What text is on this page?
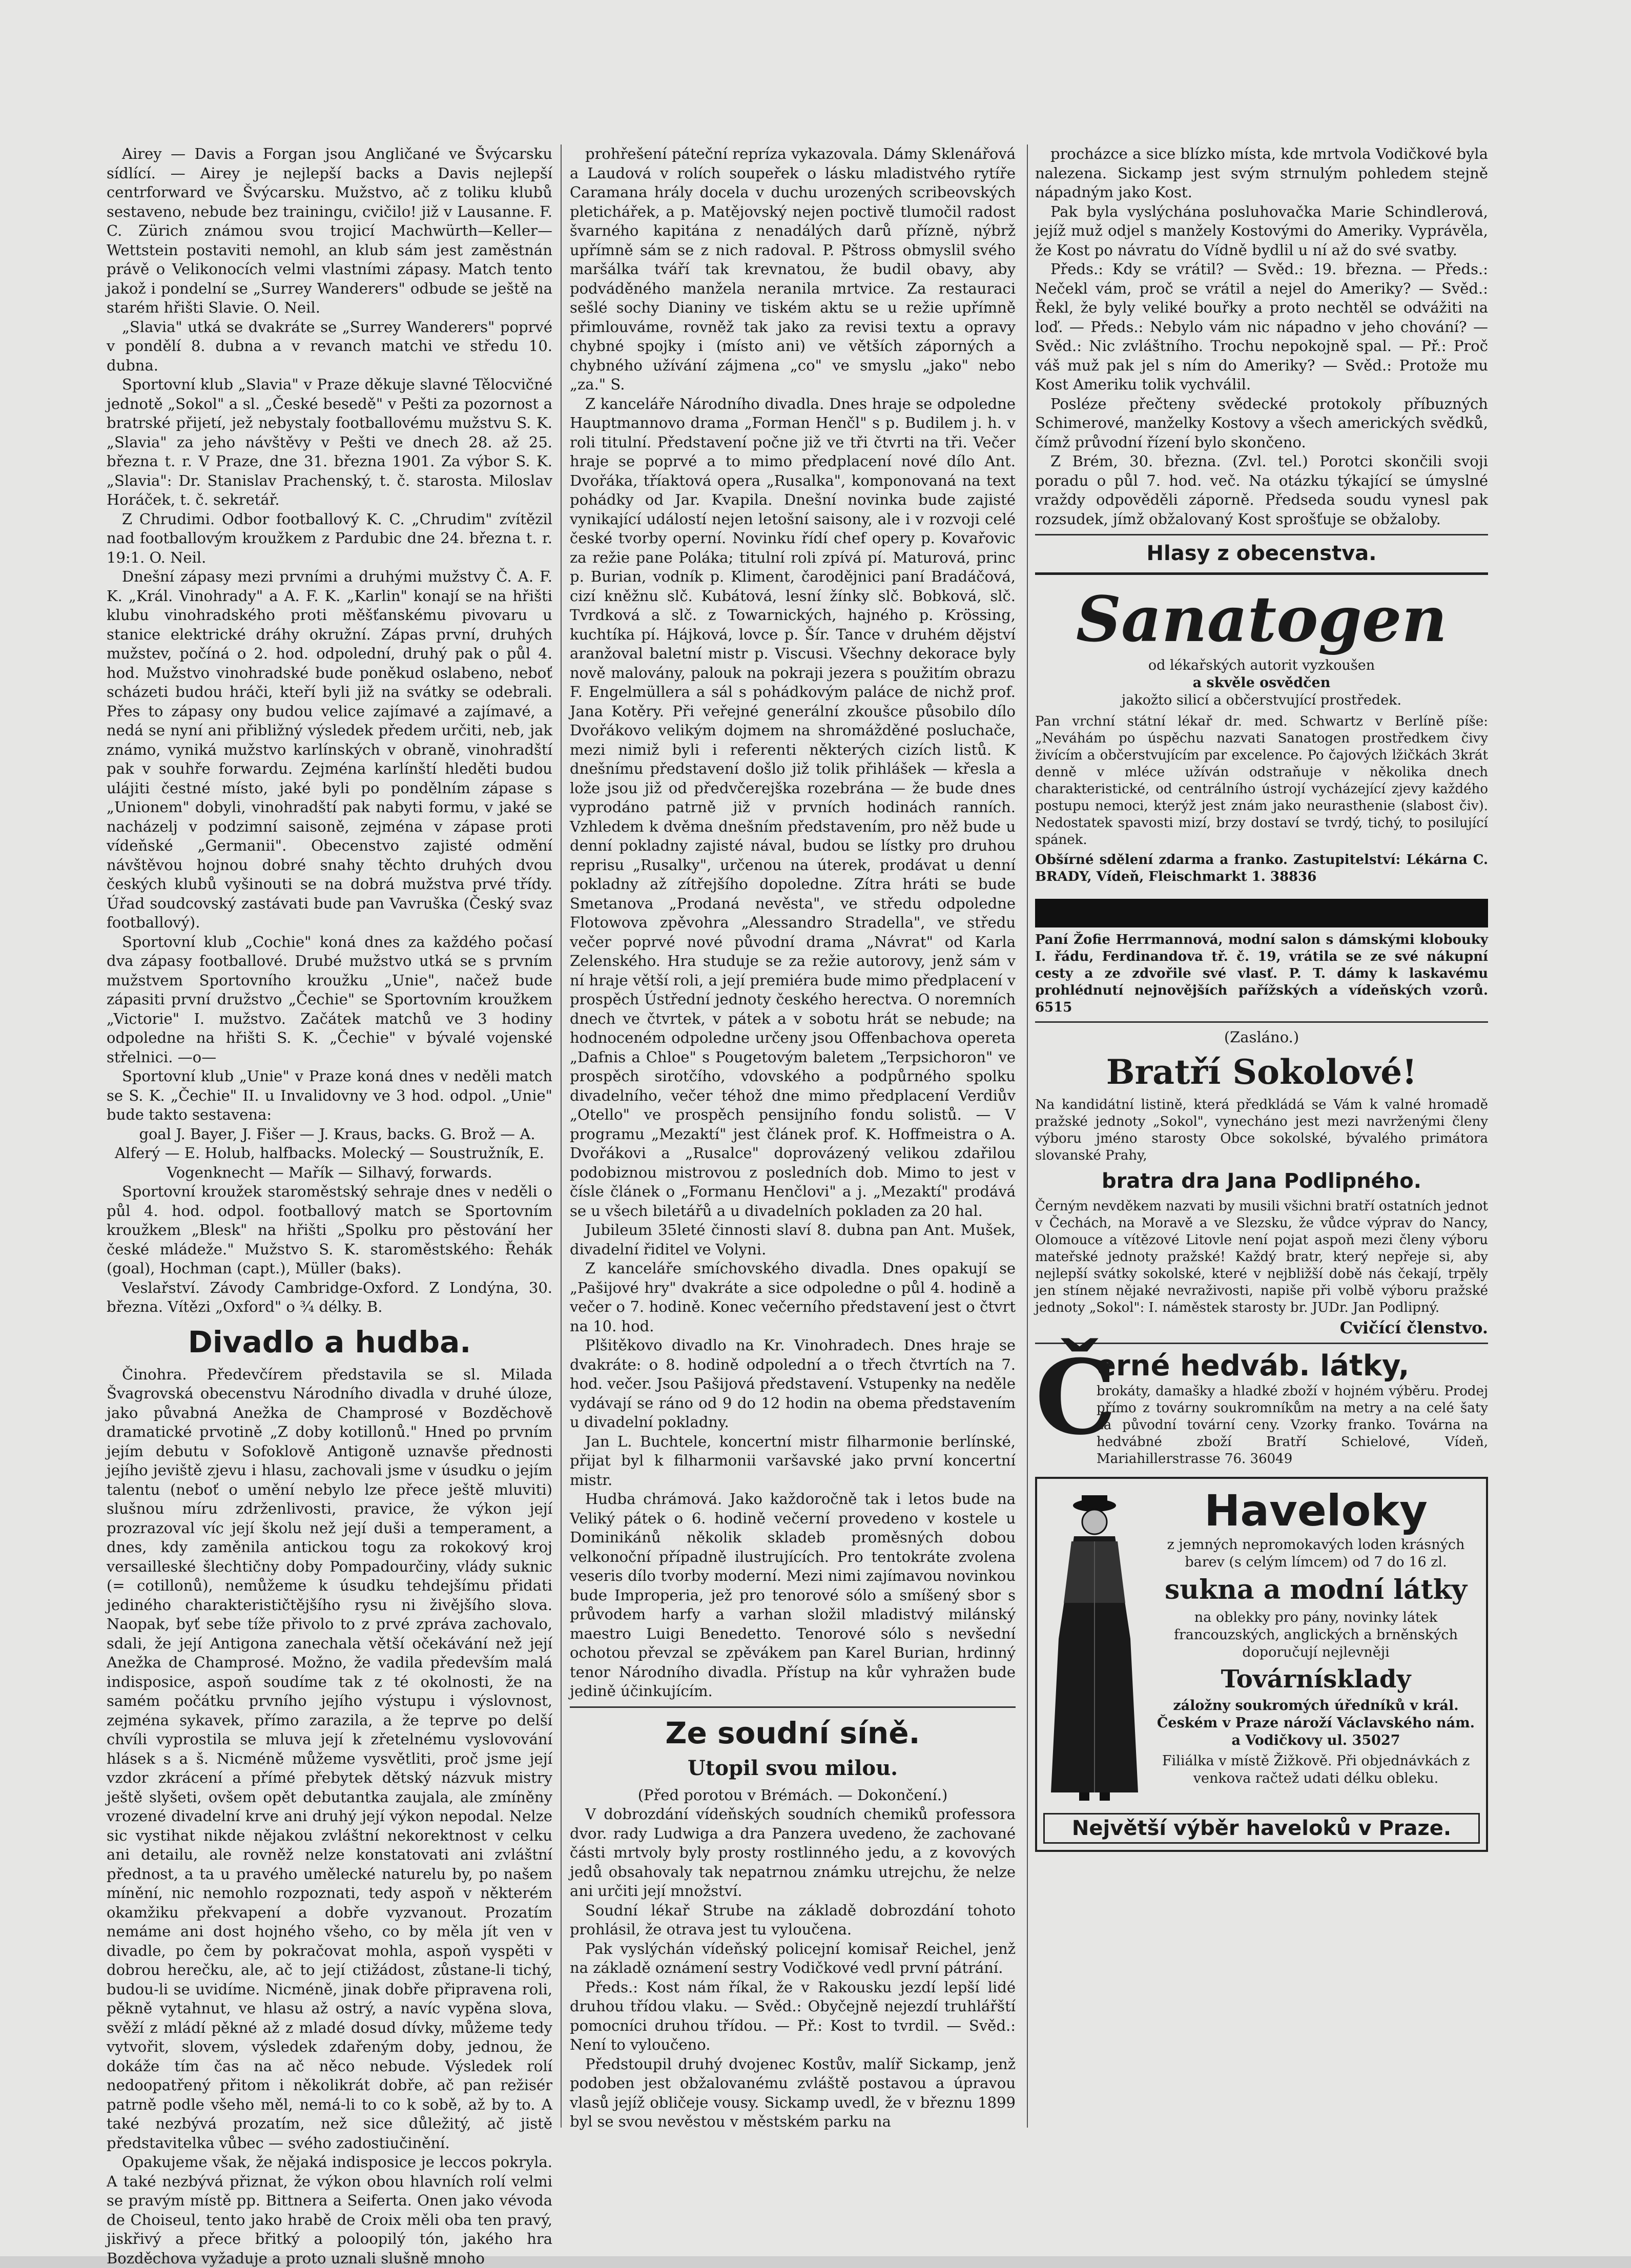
Airey — Davis a Forgan jsou Angličané ve Švýcarsku sídlící. — Airey je nejlepší backs a Davis nejlepší centrforward ve Švýcarsku. Mužstvo, ač z toliku klubů sestaveno, nebude bez trainingu, cvičilo! již v Lausanne. F. C. Zürich známou svou trojicí Machwürth—Keller—Wettstein postaviti nemohl, an klub sám jest zaměstnán právě o Velikonocích velmi vlastními zápasy. Match tento jakož i pondelní se „Surrey Wanderers" odbude se ještě na starém hřišti Slavie. O. Neil.

„Slavia" utká se dvakráte se „Surrey Wanderers" poprvé v pondělí 8. dubna a v revanch matchi ve středu 10. dubna.

Sportovní klub „Slavia" v Praze děkuje slavné Tělocvičné jednotě „Sokol" a sl. „České besedě" v Pešti za pozornost a bratrské přijetí, jež nebystaly footballovému mužstvu S. K. „Slavia" za jeho návštěvy v Pešti ve dnech 28. až 25. března t. r. V Praze, dne 31. března 1901. Za výbor S. K. „Slavia": Dr. Stanislav Prachenský, t. č. starosta. Miloslav Horáček, t. č. sekretář.

Z Chrudimi. Odbor footballový K. C. „Chrudim" zvítězil nad footballovým kroužkem z Pardubic dne 24. března t. r. 19:1. O. Neil.

Dnešní zápasy mezi prvními a druhými mužstvy Č. A. F. K. „Král. Vinohrady" a A. F. K. „Karlin" konají se na hřišti klubu vinohradského proti měšťanskému pivovaru u stanice elektrické dráhy okružní. Zápas první, druhých mužstev, počíná o 2. hod. odpolední, druhý pak o půl 4. hod. Mužstvo vinohradské bude poněkud oslabeno, neboť scházeti budou hráči, kteří byli již na svátky se odebrali. Přes to zápasy ony budou velice zajímavé a zajímavé, a nedá se nyní ani přibližný výsledek předem určiti, neb, jak známo, vyniká mužstvo karlínských v obraně, vinohradští pak v souhře forwardu. Zejména karlínští hleděti budou ulájiti čestné místo, jaké byli po pondělním zápase s „Unionem" dobyli, vinohradští pak nabyti formu, v jaké se nacházelj v podzimní saisoně, zejména v zápase proti vídeňské „Germanii". Obecenstvo zajisté odmění návštěvou hojnou dobré snahy těchto druhých dvou českých klubů vyšinouti se na dobrá mužstva prvé třídy. Úřad soudcovský zastávati bude pan Vavruška (Český svaz footballový).

Sportovní klub „Cochie" koná dnes za každého počasí dva zápasy footballové. Drubé mužstvo utká se s prvním mužstvem Sportovního kroužku „Unie", načež bude zápasiti první družstvo „Čechie" se Sportovním kroužkem „Victorie" I. mužstvo. Začátek matchů ve 3 hodiny odpoledne na hřišti S. K. „Čechie" v bývalé vojenské střelnici. —o—

Sportovní klub „Unie" v Praze koná dnes v neděli match se S. K. „Čechie" II. u Invalidovny ve 3 hod. odpol. „Unie" bude takto sestavena:

goal J. Bayer, J. Fišer — J. Kraus, backs. G. Brož — A. Alferý — E. Holub, halfbacks. Molecký — Soustružník, E. Vogenknecht — Mařík — Silhavý, forwards.

Sportovní kroužek staroměstský sehraje dnes v neděli o půl 4. hod. odpol. footballový match se Sportovním kroužkem „Blesk" na hřišti „Spolku pro pěstování her české mládeže." Mužstvo S. K. staroměstského: Řehák (goal), Hochman (capt.), Müller (baks).

Veslařství. Závody Cambridge-Oxford. Z Londýna, 30. března. Vítězi „Oxford" o ¾ délky. B.

Divadlo a hudba.

Činohra. Předevčírem představila se sl. Milada Švagrovská obecenstvu Národního divadla v druhé úloze, jako půvabná Anežka de Champrosé v Bozděchově dramatické prvotině „Z doby kotillonů." Hned po prvním jejím debutu v Sofoklově Antigoně uznavše přednosti jejího jeviště zjevu i hlasu, zachovali jsme v úsudku o jejím talentu (neboť o umění nebylo lze přece ještě mluviti) slušnou míru zdrženlivosti, pravice, že výkon její prozrazoval víc její školu než její duši a temperament, a dnes, kdy zaměnila antickou togu za rokokový kroj versailleské šlechtičny doby Pompadourčiny, vlády suknic (= cotillonů), nemůžeme k úsudku tehdejšímu přidati jediného charakterističtějšího rysu ni živějšího slova. Naopak, byť sebe tíže přivolo to z prvé zpráva zachovalo, sdali, že její Antigona zanechala větší očekávání než její Anežka de Champrosé. Možno, že vadila především malá indisposice, aspoň soudíme tak z té okolnosti, že na samém počátku prvního jejího výstupu i výslovnost, zejména sykavek, přímo zarazila, a že teprve po delší chvíli vyprostila se mluva její k zřetelnému vyslovování hlásek s a š. Nicméně můžeme vysvětliti, proč jsme její vzdor zkrácení a přímé přebytek dětský názvuk mistry ještě slyšeti, ovšem opět debutantka zaujala, ale zmíněny vrozené divadelní krve ani druhý její výkon nepodal. Nelze sic vystihat nikde nějakou zvláštní nekorektnost v celku ani detailu, ale rovněž nelze konstatovati ani zvláštní přednost, a ta u pravého umělecké naturelu by, po našem mínění, nic nemohlo rozpoznati, tedy aspoň v některém okamžiku překvapení a dobře vyzvanout. Prozatím nemáme ani dost hojného všeho, co by měla jít ven v divadle, po čem by pokračovat mohla, aspoň vyspěti v dobrou herečku, ale, ač to její ctižádost, zůstane-li tichý, budou-li se uvidíme. Nicméně, jinak dobře připravena roli, pěkně vytahnut, ve hlasu až ostrý, a navíc vypěna slova, svěží z mládí pěkné až z mladé dosud dívky, můžeme tedy vytvořit, slovem, výsledek zdařeným doby, jednou, že dokáže tím čas na ač něco nebude. Výsledek rolí nedoopatřený přitom i několikrát dobře, ač pan režisér patrně podle všeho měl, nemá-li to co k sobě, až by to. A také nezbývá prozatím, než sice důležitý, ač jistě představitelka vůbec — svého zadostiučinění.

Opakujeme však, že nějaká indisposice je leccos pokryla. A také nezbývá přiznat, že výkon obou hlavních rolí velmi se pravým místě pp. Bittnera a Seiferta. Onen jako vévoda de Choiseul, tento jako hrabě de Croix měli oba ten pravý, jiskřivý a přece břitký a poloopilý tón, jakého hra Bozděchova vyžaduje a proto uznali slušně mnoho

prohřešení páteční repríza vykazovala. Dámy Sklenářová a Laudová v rolích soupeřek o lásku mladistvého rytíře Caramana hrály docela v duchu urozených scribeovských pletichářek, a p. Matějovský nejen poctivě tlumočil radost švarného kapitána z nenadálých darů přízně, nýbrž upřímně sám se z nich radoval. P. Pštross obmyslil svého maršálka tváří tak krevnatou, že budil obavy, aby podváděného manžela neranila mrtvice. Za restauraci sešlé sochy Dianiny ve tiském aktu se u režie upřímně přimlouváme, rovněž tak jako za revisi textu a opravy chybné spojky i (místo ani) ve větších záporných a chybného užívání zájmena „co" ve smyslu „jako" nebo „za." S.

Z kanceláře Národního divadla. Dnes hraje se odpoledne Hauptmannovo drama „Forman Henčl" s p. Budilem j. h. v roli titulní. Představení počne již ve tři čtvrti na tři. Večer hraje se poprvé a to mimo předplacení nové dílo Ant. Dvořáka, tříaktová opera „Rusalka", komponovaná na text pohádky od Jar. Kvapila. Dnešní novinka bude zajisté vynikající událostí nejen letošní saisony, ale i v rozvoji celé české tvorby operní. Novinku řídí chef opery p. Kovařovic za režie pane Poláka; titulní roli zpívá pí. Maturová, princ p. Burian, vodník p. Kliment, čarodějnici paní Bradáčová, cizí kněžnu slč. Kubátová, lesní žínky slč. Bobková, slč. Tvrdková a slč. z Towarnických, hajného p. Krössing, kuchtíka pí. Hájková, lovce p. Šír. Tance v druhém dějství aranžoval baletní mistr p. Viscusi. Všechny dekorace byly nově malovány, palouk na pokraji jezera s použitím obrazu F. Engelmüllera a sál s pohádkovým paláce de nichž prof. Jana Kotěry. Při veřejné generální zkoušce působilo dílo Dvořákovo velikým dojmem na shromážděné posluchače, mezi nimiž byli i referenti některých cizích listů. K dnešnímu představení došlo již tolik přihlášek — křesla a lože jsou již od předvčerejška rozebrána — že bude dnes vyprodáno patrně již v prvních hodinách ranních. Vzhledem k dvěma dnešním představením, pro něž bude u denní pokladny zajisté nával, budou se lístky pro druhou reprisu „Rusalky", určenou na úterek, prodávat u denní pokladny až zítřejšího dopoledne. Zítra hráti se bude Smetanova „Prodaná nevěsta", ve středu odpoledne Flotowova zpěvohra „Alessandro Stradella", ve středu večer poprvé nové původní drama „Návrat" od Karla Zelenského. Hra studuje se za režie autorovy, jenž sám v ní hraje větší roli, a její premiéra bude mimo předplacení v prospěch Ústřední jednoty českého herectva. O noremních dnech ve čtvrtek, v pátek a v sobotu hrát se nebude; na hodnoceném odpoledne určeny jsou Offenbachova opereta „Dafnis a Chloe" s Pougetovým baletem „Terpsichoron" ve prospěch sirotčího, vdovského a podpůrného spolku divadelního, večer téhož dne mimo předplacení Verdiův „Otello" ve prospěch pensijního fondu solistů. — V programu „Mezaktí" jest článek prof. K. Hoffmeistra o A. Dvořákovi a „Rusalce" doprovázený velikou zdařilou podobiznou mistrovou z posledních dob. Mimo to jest v čísle článek o „Formanu Henčlovi" a j. „Mezaktí" prodává se u všech biletářů a u divadelních pokladen za 20 hal.

Jubileum 35leté činnosti slaví 8. dubna pan Ant. Mušek, divadelní řiditel ve Volyni.

Z kanceláře smíchovského divadla. Dnes opakují se „Pašijové hry" dvakráte a sice odpoledne o půl 4. hodině a večer o 7. hodině. Konec večerního představení jest o čtvrt na 10. hod.

Plšitěkovo divadlo na Kr. Vinohradech. Dnes hraje se dvakráte: o 8. hodině odpolední a o třech čtvrtích na 7. hod. večer. Jsou Pašijová představení. Vstupenky na neděle vydávají se ráno od 9 do 12 hodin na obema představením u divadelní pokladny.

Jan L. Buchtele, koncertní mistr filharmonie berlínské, přijat byl k filharmonii varšavské jako první koncertní mistr.

Hudba chrámová. Jako každoročně tak i letos bude na Veliký pátek o 6. hodině večerní provedeno v kostele u Dominikánů několik skladeb proměsných dobou velkonoční případně ilustrujících. Pro tentokráte zvolena veseris dílo tvorby moderní. Mezi nimi zajímavou novinkou bude Improperia, jež pro tenorové sólo a smíšený sbor s průvodem harfy a varhan složil mladistvý milánský maestro Luigi Benedetto. Tenorové sólo s nevšední ochotou převzal se zpěvákem pan Karel Burian, hrdinný tenor Národního divadla. Přístup na kůr vyhražen bude jedině účinkujícím.

Ze soudní síně.
Utopil svou milou.

(Před porotou v Brémách. — Dokončení.)

V dobrozdání vídeňských soudních chemiků professora dvor. rady Ludwiga a dra Panzera uvedeno, že zachované části mrtvoly byly prosty rostlinného jedu, a z kovových jedů obsahovaly tak nepatrnou známku utrejchu, že nelze ani určiti její množství.

Soudní lékař Strube na základě dobrozdání tohoto prohlásil, že otrava jest tu vyloučena.

Pak vyslýchán vídeňský policejní komisař Reichel, jenž na základě oznámení sestry Vodičkové vedl první pátrání.

Předs.: Kost nám říkal, že v Rakousku jezdí lepší lidé druhou třídou vlaku. — Svěd.: Obyčejně nejezdí truhlářští pomocníci druhou třídou. — Př.: Kost to tvrdil. — Svěd.: Není to vyloučeno.

Předstoupil druhý dvojenec Kostův, malíř Sickamp, jenž podoben jest obžalovanému zvláště postavou a úpravou vlasů jejíž obličeje vousy. Sickamp uvedl, že v březnu 1899 byl se svou nevěstou v městském parku na

procházce a sice blízko místa, kde mrtvola Vodičkové byla nalezena. Sickamp jest svým strnulým pohledem stejně nápadným jako Kost.

Pak byla vyslýchána posluhovačka Marie Schindlerová, jejíž muž odjel s manžely Kostovými do Ameriky. Vyprávěla, že Kost po návratu do Vídně bydlil u ní až do své svatby.

Předs.: Kdy se vrátil? — Svěd.: 19. března. — Předs.: Nečekl vám, proč se vrátil a nejel do Ameriky? — Svěd.: Řekl, že byly veliké bouřky a proto nechtěl se odvážiti na loď. — Předs.: Nebylo vám nic nápadno v jeho chování? — Svěd.: Nic zvláštního. Trochu nepokojně spal. — Př.: Proč váš muž pak jel s ním do Ameriky? — Svěd.: Protože mu Kost Ameriku tolik vychválil.

Posléze přečteny svědecké protokoly příbuzných Schimerové, manželky Kostovy a všech amerických svědků, čímž průvodní řízení bylo skončeno.

Z Brém, 30. března. (Zvl. tel.) Porotci skončili svoji poradu o půl 7. hod. več. Na otázku týkající se úmyslné vraždy odpověděli záporně. Předseda soudu vynesl pak rozsudek, jímž obžalovaný Kost sprošťuje se obžaloby.

Hlasy z obecenstva.
Sanatogen

od lékařských autorit vyzkoušen

a skvěle osvědčen

jakožto silicí a občerstvující prostředek.

Pan vrchní státní lékař dr. med. Schwartz v Berlíně píše: „Neváhám po úspěchu nazvati Sanatogen prostředkem čivy živícím a občerstvujícím par excelence. Po čajových lžičkách 3krát denně v mléce užíván odstraňuje v několika dnech charakteristické, od centrálního ústrojí vycházející zjevy každého postupu nemoci, kterýž jest znám jako neurasthenie (slabost čiv). Nedostatek spavosti mizí, brzy dostaví se tvrdý, tichý, to posilující spánek.

Obšírné sdělení zdarma a franko. Zastupitelství: Lékárna C. BRADY, Vídeň, Fleischmarkt 1. 38836

Paní Žofie Herrmannová, modní salon s dámskými klobouky I. řádu, Ferdinandova tř. č. 19, vrátila se ze své nákupní cesty a ze zdvořile své vlasť. P. T. dámy k laskavému prohlédnutí nejnovějších pařížských a vídeňských vzorů. 6515

(Zasláno.)

Bratří Sokolové!

Na kandidátní listině, která předkládá se Vám k valné hromadě pražské jednoty „Sokol", vynecháno jest mezi navrženými členy výboru jméno starosty Obce sokolské, bývalého primátora slovanské Prahy,

bratra dra Jana Podlipného.

Černým nevděkem nazvati by musili všichni bratří ostatních jednot v Čechách, na Moravě a ve Slezsku, že vůdce výprav do Nancy, Olomouce a vítězové Litovle není pojat aspoň mezi členy výboru mateřské jednoty pražské! Každý bratr, který nepřeje si, aby nejlepší svátky sokolské, které v nejbližší době nás čekají, trpěly jen stínem nějaké nevraživosti, napiše při volbě výboru pražské jednoty „Sokol": I. náměstek starosty br. JUDr. Jan Podlipný.

Cvičící členstvo.

Č
erné hedváb. látky,

brokáty, damašky a hladké zboží v hojném výběru. Prodej přímo z továrny soukromníkům na metry a na celé šaty za původní tovární ceny. Vzorky franko. Továrna na hedvábné zboží Bratří Schielové, Vídeň, Mariahillerstrasse 76. 36049

Haveloky

z jemných nepromokavých loden krásných barev (s celým límcem) od 7 do 16 zl.

sukna a modní látky

na oblekky pro pány, novinky látek francouzských, anglických a brněnských doporučují nejlevněji

Továrnísklady

záložny soukromých úředníků v král. Českém v Praze nároží Václavského nám. a Vodičkovy ul. 35027

Filiálka v místě Žižkově. Při objednávkách z venkova račtež udati délku obleku.

Největší výběr haveloků v Praze.
